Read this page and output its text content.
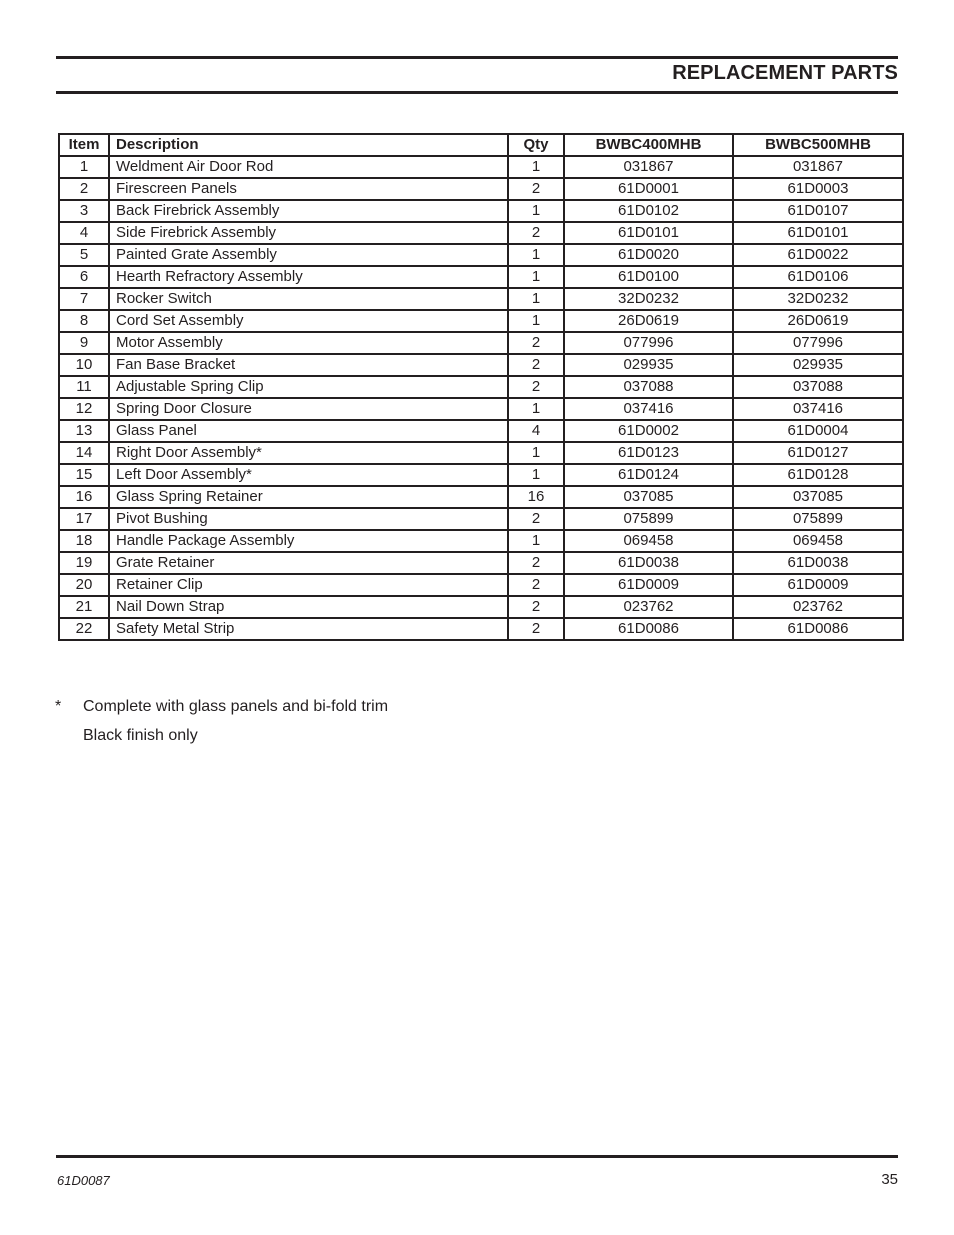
REPLACEMENT PARTS
Item	Description	Qty	BWBC400MHB	BWBC500MHB
1	Weldment Air Door Rod	1	031867	031867
2	Firescreen Panels	2	61D0001	61D0003
3	Back Firebrick Assembly	1	61D0102	61D0107
4	Side Firebrick Assembly	2	61D0101	61D0101
5	Painted Grate Assembly	1	61D0020	61D0022
6	Hearth Refractory Assembly	1	61D0100	61D0106
7	Rocker Switch	1	32D0232	32D0232
8	Cord Set Assembly	1	26D0619	26D0619
9	Motor Assembly	2	077996	077996
10	Fan Base Bracket	2	029935	029935
11	Adjustable Spring Clip	2	037088	037088
12	Spring Door Closure	1	037416	037416
13	Glass Panel	4	61D0002	61D0004
14	Right Door Assembly*	1	61D0123	61D0127
15	Left Door Assembly*	1	61D0124	61D0128
16	Glass Spring Retainer	16	037085	037085
17	Pivot Bushing	2	075899	075899
18	Handle Package Assembly	1	069458	069458
19	Grate Retainer	2	61D0038	61D0038
20	Retainer Clip	2	61D0009	61D0009
21	Nail Down Strap	2	023762	023762
22	Safety Metal Strip	2	61D0086	61D0086
* Complete with glass panels and bi-fold trim
Black finish only
61D0087	35
